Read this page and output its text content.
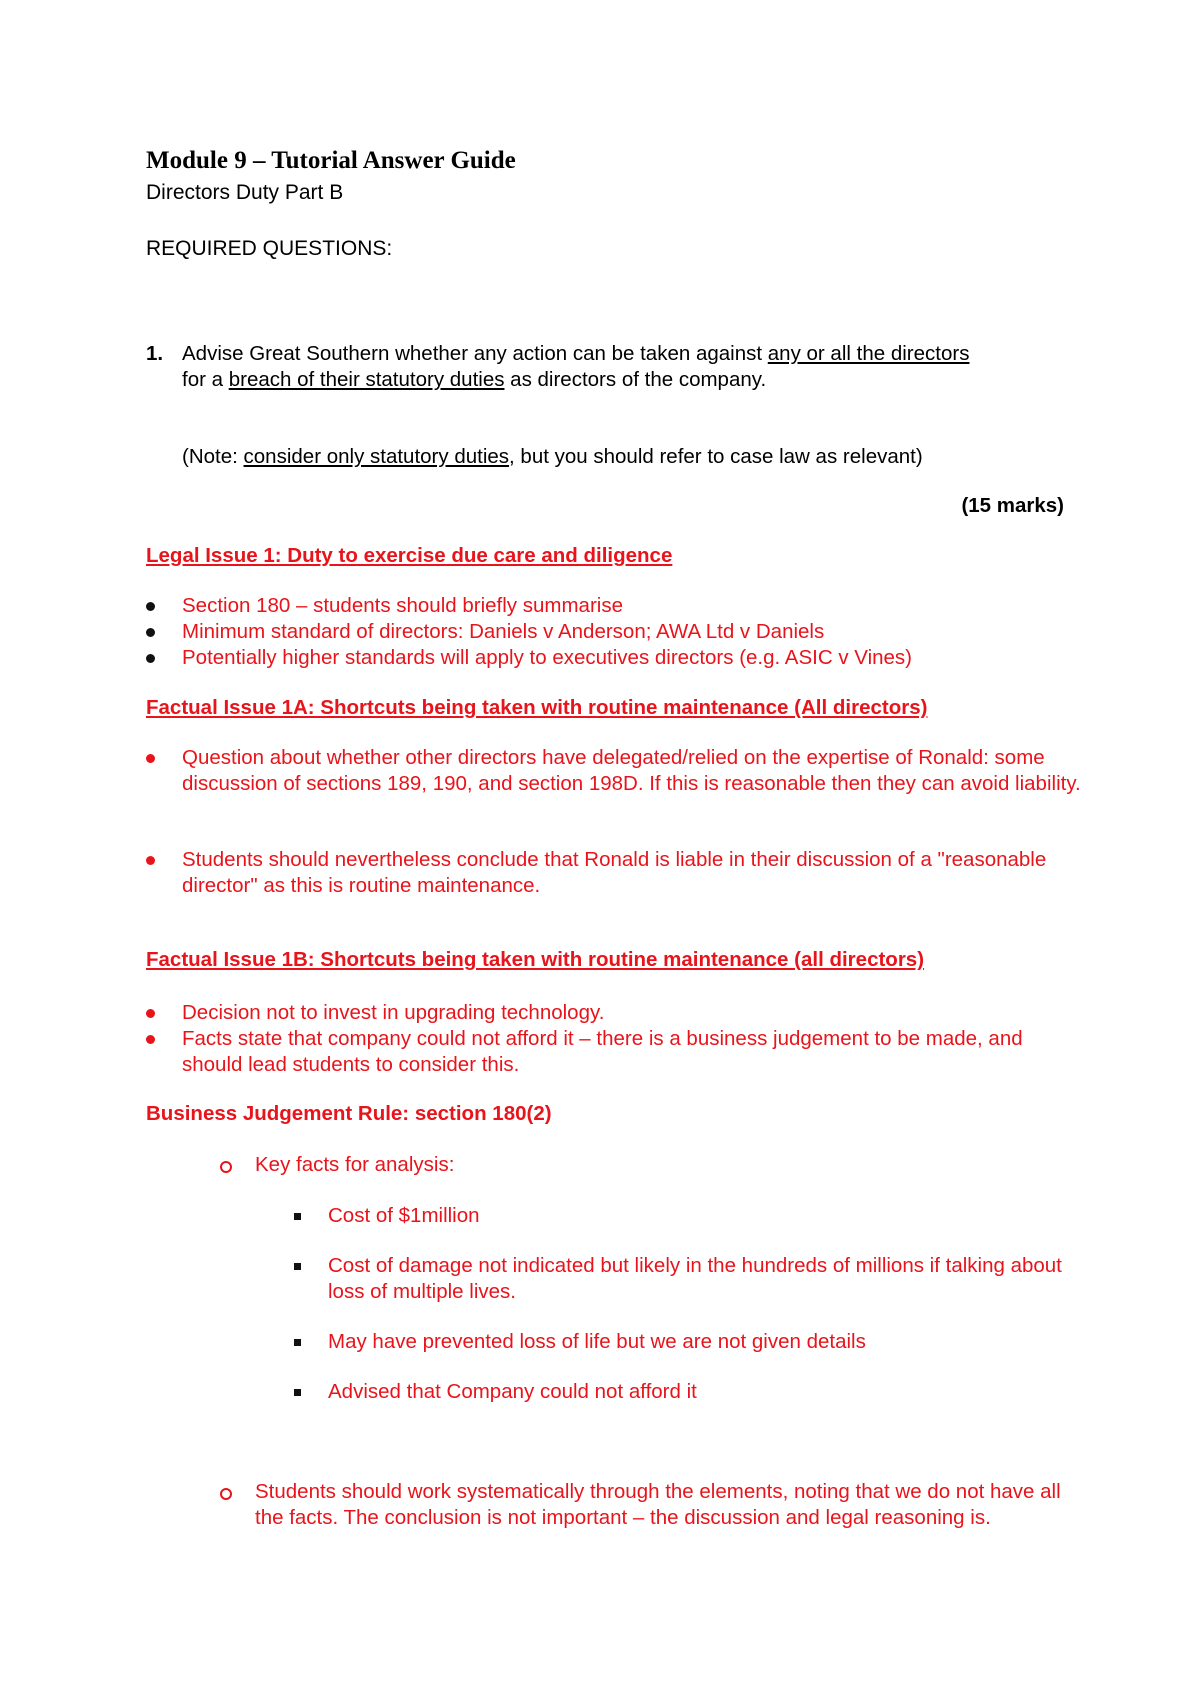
Module 9 – Tutorial Answer Guide
Directors Duty Part B
REQUIRED QUESTIONS:
1. Advise Great Southern whether any action can be taken against any or all the directors
for a breach of their statutory duties as directors of the company.
(Note: consider only statutory duties, but you should refer to case law as relevant)
(15 marks)
Legal Issue 1: Duty to exercise due care and diligence
Section 180 – students should briefly summarise
Minimum standard of directors: Daniels v Anderson; AWA Ltd v Daniels
Potentially higher standards will apply to executives directors (e.g. ASIC v Vines)
Factual Issue 1A: Shortcuts being taken with routine maintenance (All directors)
Question about whether other directors have delegated/relied on the expertise of Ronald: some discussion of sections 189, 190, and section 198D. If this is reasonable then they can avoid liability.
Students should nevertheless conclude that Ronald is liable in their discussion of a "reasonable director" as this is routine maintenance.
Factual Issue 1B: Shortcuts being taken with routine maintenance (all directors)
Decision not to invest in upgrading technology.
Facts state that company could not afford it – there is a business judgement to be made, and should lead students to consider this.
Business Judgement Rule: section 180(2)
Key facts for analysis:
Cost of $1million
Cost of damage not indicated but likely in the hundreds of millions if talking about loss of multiple lives.
May have prevented loss of life but we are not given details
Advised that Company could not afford it
Students should work systematically through the elements, noting that we do not have all the facts. The conclusion is not important – the discussion and legal reasoning is.
